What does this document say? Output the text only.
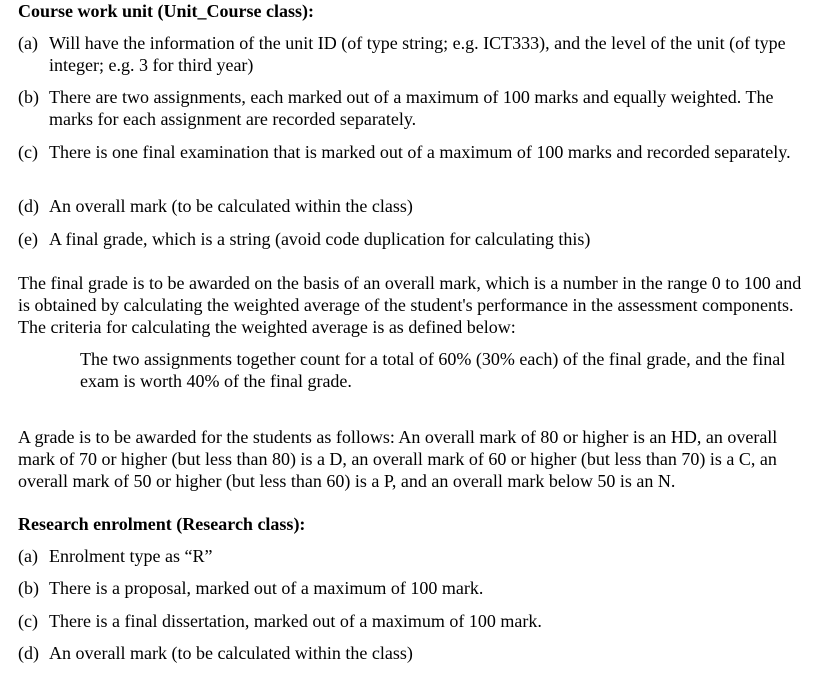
Course work unit (Unit_Course class):
(a) Will have the information of the unit ID (of type string; e.g. ICT333), and the level of the unit (of type integer; e.g. 3 for third year)
(b) There are two assignments, each marked out of a maximum of 100 marks and equally weighted. The marks for each assignment are recorded separately.
(c) There is one final examination that is marked out of a maximum of 100 marks and recorded separately.
(d) An overall mark (to be calculated within the class)
(e) A final grade, which is a string (avoid code duplication for calculating this)
The final grade is to be awarded on the basis of an overall mark, which is a number in the range 0 to 100 and is obtained by calculating the weighted average of the student's performance in the assessment components. The criteria for calculating the weighted average is as defined below:
The two assignments together count for a total of 60% (30% each) of the final grade, and the final exam is worth 40% of the final grade.
A grade is to be awarded for the students as follows: An overall mark of 80 or higher is an HD, an overall mark of 70 or higher (but less than 80) is a D, an overall mark of 60 or higher (but less than 70) is a C, an overall mark of 50 or higher (but less than 60) is a P, and an overall mark below 50 is an N.
Research enrolment (Research class):
(a) Enrolment type as “R”
(b) There is a proposal, marked out of a maximum of 100 mark.
(c) There is a final dissertation, marked out of a maximum of 100 mark.
(d) An overall mark (to be calculated within the class)
